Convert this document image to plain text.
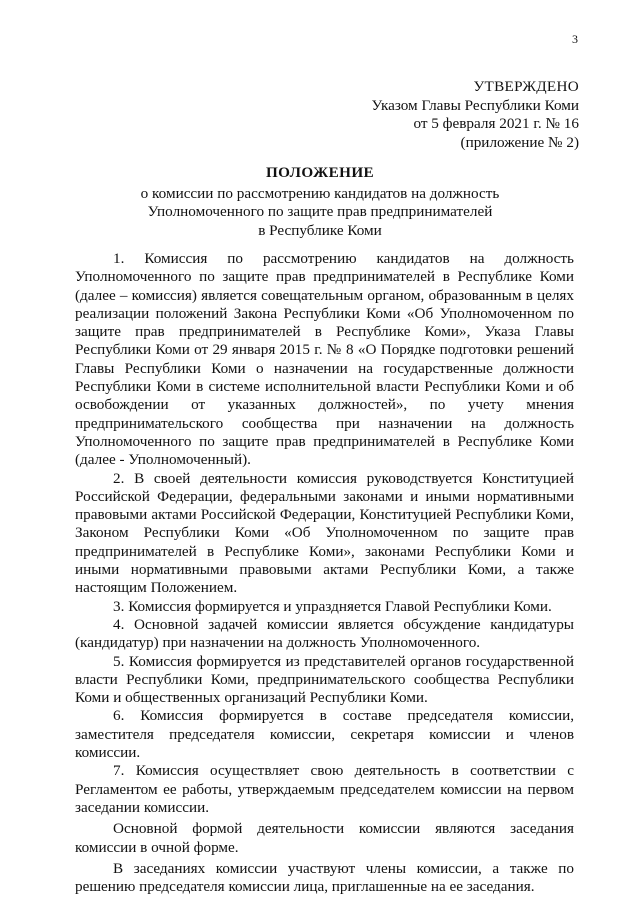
3
УТВЕРЖДЕНО
Указом Главы Республики Коми
от 5 февраля 2021 г. № 16
(приложение № 2)
ПОЛОЖЕНИЕ
о комиссии по рассмотрению кандидатов на должность
Уполномоченного по защите прав предпринимателей
в Республике Коми

1. Комиссия по рассмотрению кандидатов на должность Уполномоченного по защите прав предпринимателей в Республике Коми (далее – комиссия) является совещательным органом, образованным в целях реализации положений Закона Республики Коми «Об Уполномоченном по защите прав предпринимателей в Республике Коми», Указа Главы Республики Коми от 29 января 2015 г. № 8 «О Порядке подготовки решений Главы Республики Коми о назначении на государственные должности Республики Коми в системе исполнительной власти Республики Коми и об освобождении от указанных должностей», по учету мнения предпринимательского сообщества при назначении на должность Уполномоченного по защите прав предпринимателей в Республике Коми (далее - Уполномоченный).

2. В своей деятельности комиссия руководствуется Конституцией Российской Федерации, федеральными законами и иными нормативными правовыми актами Российской Федерации, Конституцией Республики Коми, Законом Республики Коми «Об Уполномоченном по защите прав предпринимателей в Республике Коми», законами Республики Коми и иными нормативными правовыми актами Республики Коми, а также настоящим Положением.

3. Комиссия формируется и упраздняется Главой Республики Коми.

4. Основной задачей комиссии является обсуждение кандидатуры (кандидатур) при назначении на должность Уполномоченного.

5. Комиссия формируется из представителей органов государственной власти Республики Коми, предпринимательского сообщества Республики Коми и общественных организаций Республики Коми.

6. Комиссия формируется в составе председателя комиссии, заместителя председателя комиссии, секретаря комиссии и членов комиссии.

7. Комиссия осуществляет свою деятельность в соответствии с Регламентом ее работы, утверждаемым председателем комиссии на первом заседании комиссии.

Основной формой деятельности комиссии являются заседания комиссии в очной форме.

В заседаниях комиссии участвуют члены комиссии, а также по решению председателя комиссии лица, приглашенные на ее заседания.
